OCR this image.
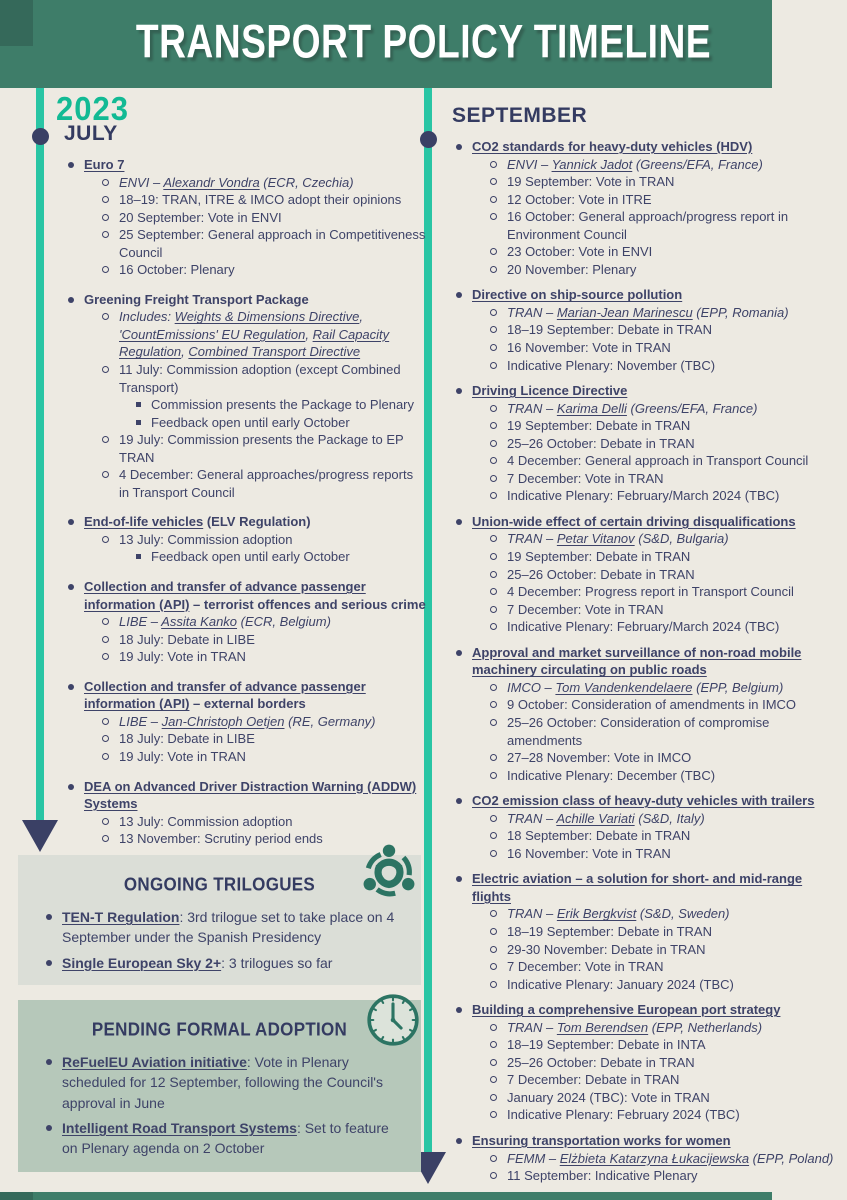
TRANSPORT POLICY TIMELINE
2023
JULY
Euro 7
ENVI – Alexandr Vondra (ECR, Czechia)
18–19: TRAN, ITRE & IMCO adopt their opinions
20 September: Vote in ENVI
25 September: General approach in Competitiveness Council
16 October: Plenary
Greening Freight Transport Package
Includes: Weights & Dimensions Directive, 'CountEmissions' EU Regulation, Rail Capacity Regulation, Combined Transport Directive
11 July: Commission adoption (except Combined Transport)
Commission presents the Package to Plenary
Feedback open until early October
19 July: Commission presents the Package to EP TRAN
4 December: General approaches/progress reports in Transport Council
End-of-life vehicles (ELV Regulation)
13 July: Commission adoption
Feedback open until early October
Collection and transfer of advance passenger information (API) – terrorist offences and serious crime
LIBE – Assita Kanko (ECR, Belgium)
18 July: Debate in LIBE
19 July: Vote in TRAN
Collection and transfer of advance passenger information (API) – external borders
LIBE – Jan-Christoph Oetjen (RE, Germany)
18 July: Debate in LIBE
19 July: Vote in TRAN
DEA on Advanced Driver Distraction Warning (ADDW) Systems
13 July: Commission adoption
13 November: Scrutiny period ends
SEPTEMBER
CO2 standards for heavy-duty vehicles (HDV)
ENVI – Yannick Jadot (Greens/EFA, France)
19 September: Vote in TRAN
12 October: Vote in ITRE
16 October: General approach/progress report in Environment Council
23 October: Vote in ENVI
20 November: Plenary
Directive on ship-source pollution
TRAN – Marian-Jean Marinescu (EPP, Romania)
18–19 September: Debate in TRAN
16 November: Vote in TRAN
Indicative Plenary: November (TBC)
Driving Licence Directive
TRAN – Karima Delli (Greens/EFA, France)
19 September: Debate in TRAN
25–26 October: Debate in TRAN
4 December: General approach in Transport Council
7 December: Vote in TRAN
Indicative Plenary: February/March 2024 (TBC)
Union-wide effect of certain driving disqualifications
TRAN – Petar Vitanov (S&D, Bulgaria)
19 September: Debate in TRAN
25–26 October: Debate in TRAN
4 December: Progress report in Transport Council
7 December: Vote in TRAN
Indicative Plenary: February/March 2024 (TBC)
Approval and market surveillance of non-road mobile machinery circulating on public roads
IMCO – Tom Vandenkendelaere (EPP, Belgium)
9 October: Consideration of amendments in IMCO
25–26 October: Consideration of compromise amendments
27–28 November: Vote in IMCO
Indicative Plenary: December (TBC)
CO2 emission class of heavy-duty vehicles with trailers
TRAN – Achille Variati (S&D, Italy)
18 September: Debate in TRAN
16 November: Vote in TRAN
Electric aviation – a solution for short- and mid-range flights
TRAN – Erik Bergkvist (S&D, Sweden)
18–19 September: Debate in TRAN
29-30 November: Debate in TRAN
7 December: Vote in TRAN
Indicative Plenary: January 2024 (TBC)
Building a comprehensive European port strategy
TRAN – Tom Berendsen (EPP, Netherlands)
18–19 September: Debate in INTA
25–26 October: Debate in TRAN
7 December: Debate in TRAN
January 2024 (TBC): Vote in TRAN
Indicative Plenary: February 2024 (TBC)
Ensuring transportation works for women
FEMM – Elżbieta Katarzyna Łukacijewska (EPP, Poland)
11 September: Indicative Plenary
ONGOING TRILOGUES
TEN-T Regulation: 3rd trilogue set to take place on 4 September under the Spanish Presidency
Single European Sky 2+: 3 trilogues so far
PENDING FORMAL ADOPTION
ReFuelEU Aviation initiative: Vote in Plenary scheduled for 12 September, following the Council's approval in June
Intelligent Road Transport Systems: Set to feature on Plenary agenda on 2 October
